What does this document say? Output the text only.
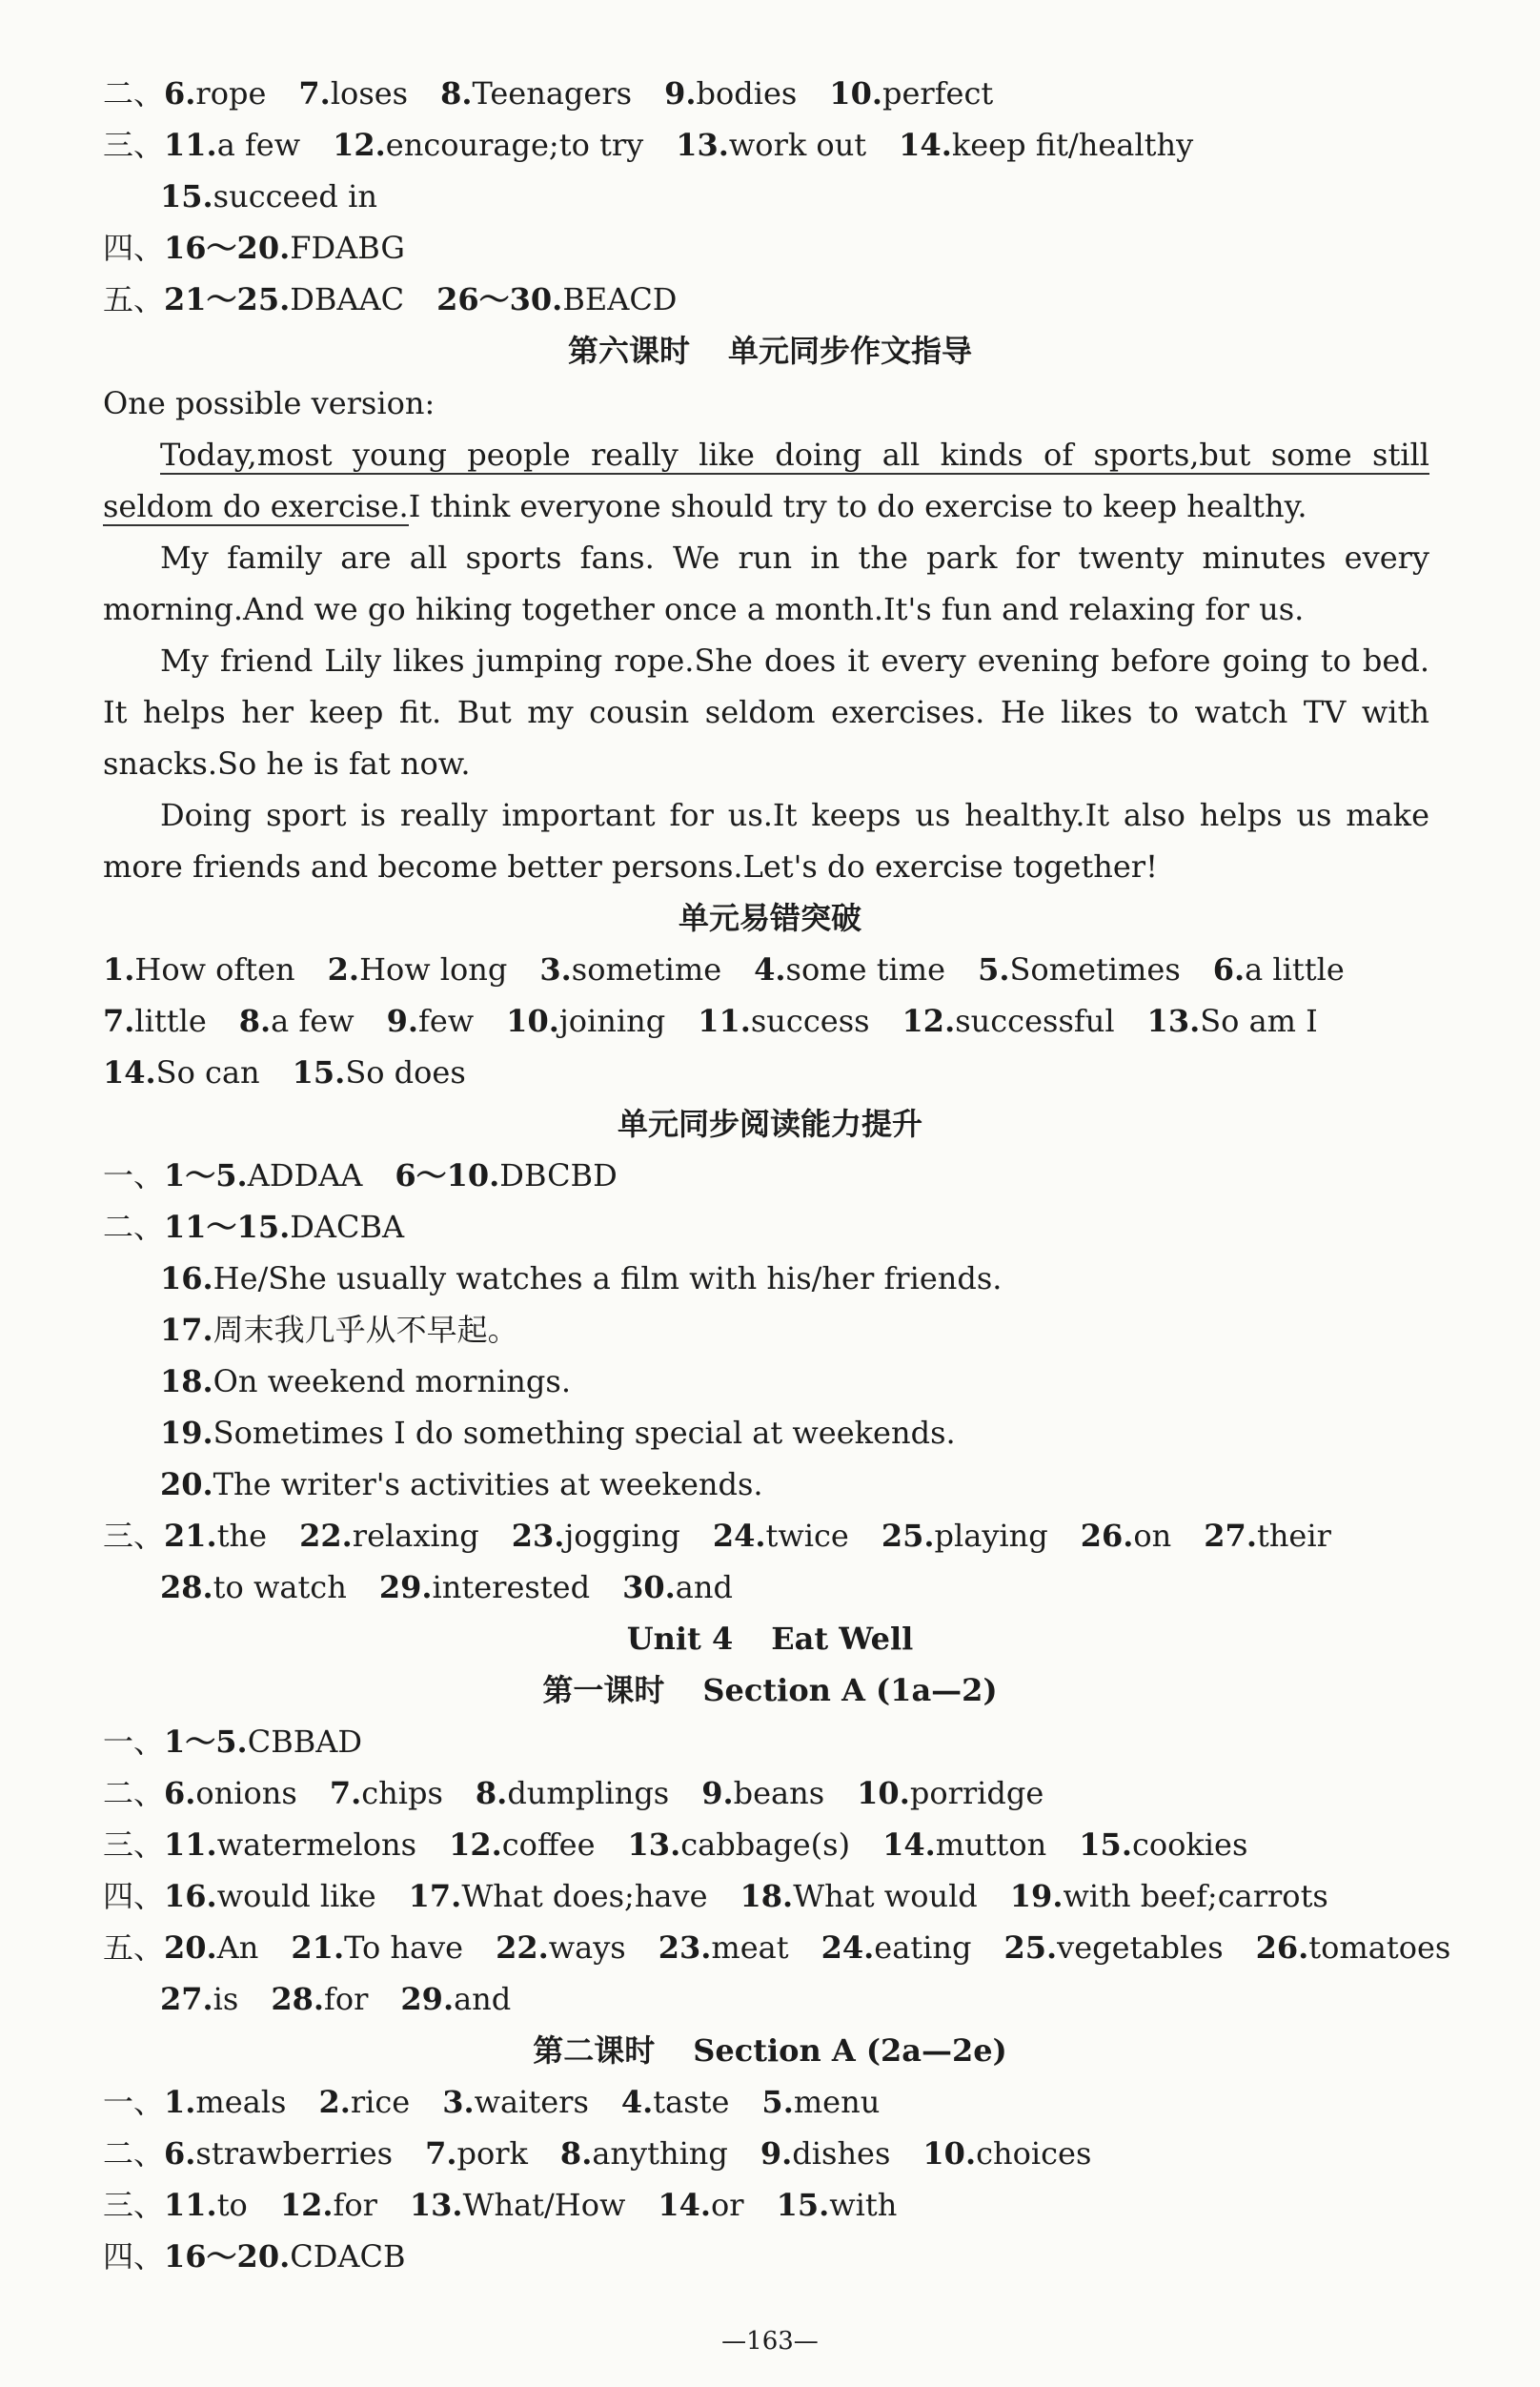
二、6.rope 7.loses 8.Teenagers 9.bodies 10.perfect
三、11.a few 12.encourage;to try 13.work out 14.keep fit/healthy
15.succeed in
四、16～20.FDABG
五、21～25.DBAAC 26～30.BEACD
第六课时 单元同步作文指导
One possible version:
Today,most young people really like doing all kinds of sports,but some still
seldom do exercise.I think everyone should try to do exercise to keep healthy.
My family are all sports fans. We run in the park for twenty minutes every
morning.And we go hiking together once a month.It's fun and relaxing for us.
My friend Lily likes jumping rope.She does it every evening before going to bed.
It helps her keep fit. But my cousin seldom exercises. He likes to watch TV with
snacks.So he is fat now.
Doing sport is really important for us.It keeps us healthy.It also helps us make
more friends and become better persons.Let's do exercise together!
单元易错突破
1.How often 2.How long 3.sometime 4.some time 5.Sometimes 6.a little
7.little 8.a few 9.few 10.joining 11.success 12.successful 13.So am I
14.So can 15.So does
单元同步阅读能力提升
一、1～5.ADDAA 6～10.DBCBD
二、11～15.DACBA
16.He/She usually watches a film with his/her friends.
17.周末我几乎从不早起。
18.On weekend mornings.
19.Sometimes I do something special at weekends.
20.The writer's activities at weekends.
三、21.the 22.relaxing 23.jogging 24.twice 25.playing 26.on 27.their
28.to watch 29.interested 30.and
Unit 4 Eat Well
第一课时 Section A (1a—2)
一、1～5.CBBAD
二、6.onions 7.chips 8.dumplings 9.beans 10.porridge
三、11.watermelons 12.coffee 13.cabbage(s) 14.mutton 15.cookies
四、16.would like 17.What does;have 18.What would 19.with beef;carrots
五、20.An 21.To have 22.ways 23.meat 24.eating 25.vegetables 26.tomatoes
27.is 28.for 29.and
第二课时 Section A (2a—2e)
一、1.meals 2.rice 3.waiters 4.taste 5.menu
二、6.strawberries 7.pork 8.anything 9.dishes 10.choices
三、11.to 12.for 13.What/How 14.or 15.with
四、16～20.CDACB
—163—
